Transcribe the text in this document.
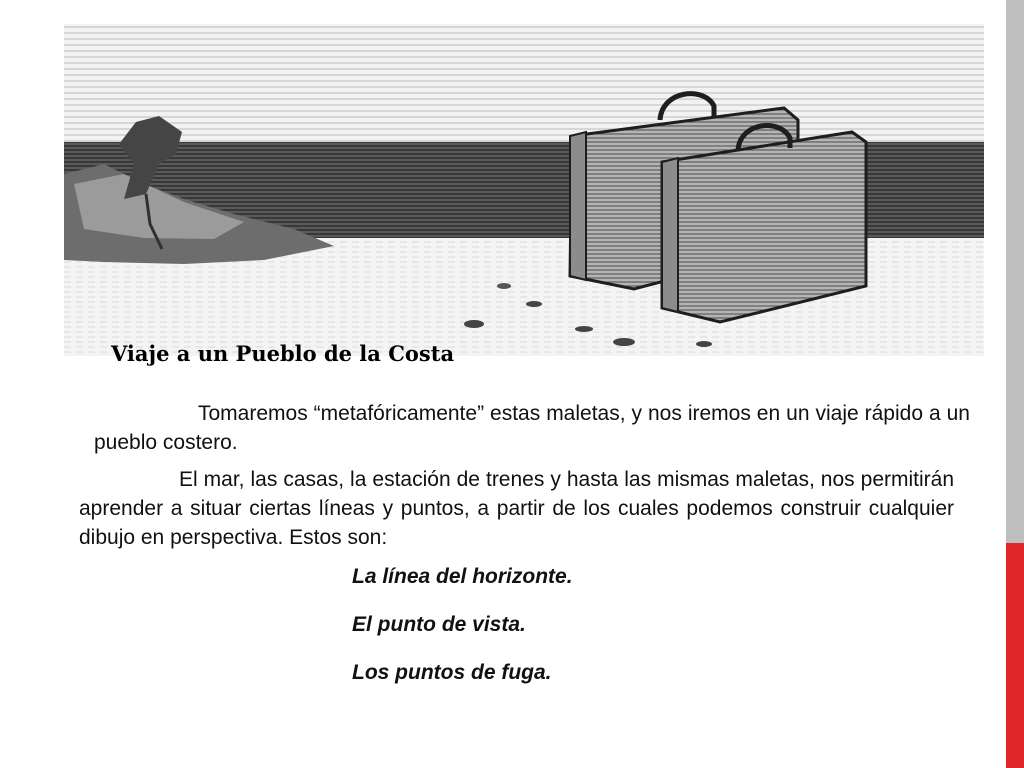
Viaje a un Pueblo de la Costa

Tomaremos “metafóricamente” estas maletas, y nos iremos en un viaje rápido a un pueblo costero.

El mar, las casas, la estación de trenes y hasta las mismas maletas, nos permitirán aprender a situar ciertas líneas y puntos, a partir de los cuales podemos construir cualquier dibujo en perspectiva. Estos son:

La línea del horizonte.
El punto de vista.
Los puntos de fuga.
